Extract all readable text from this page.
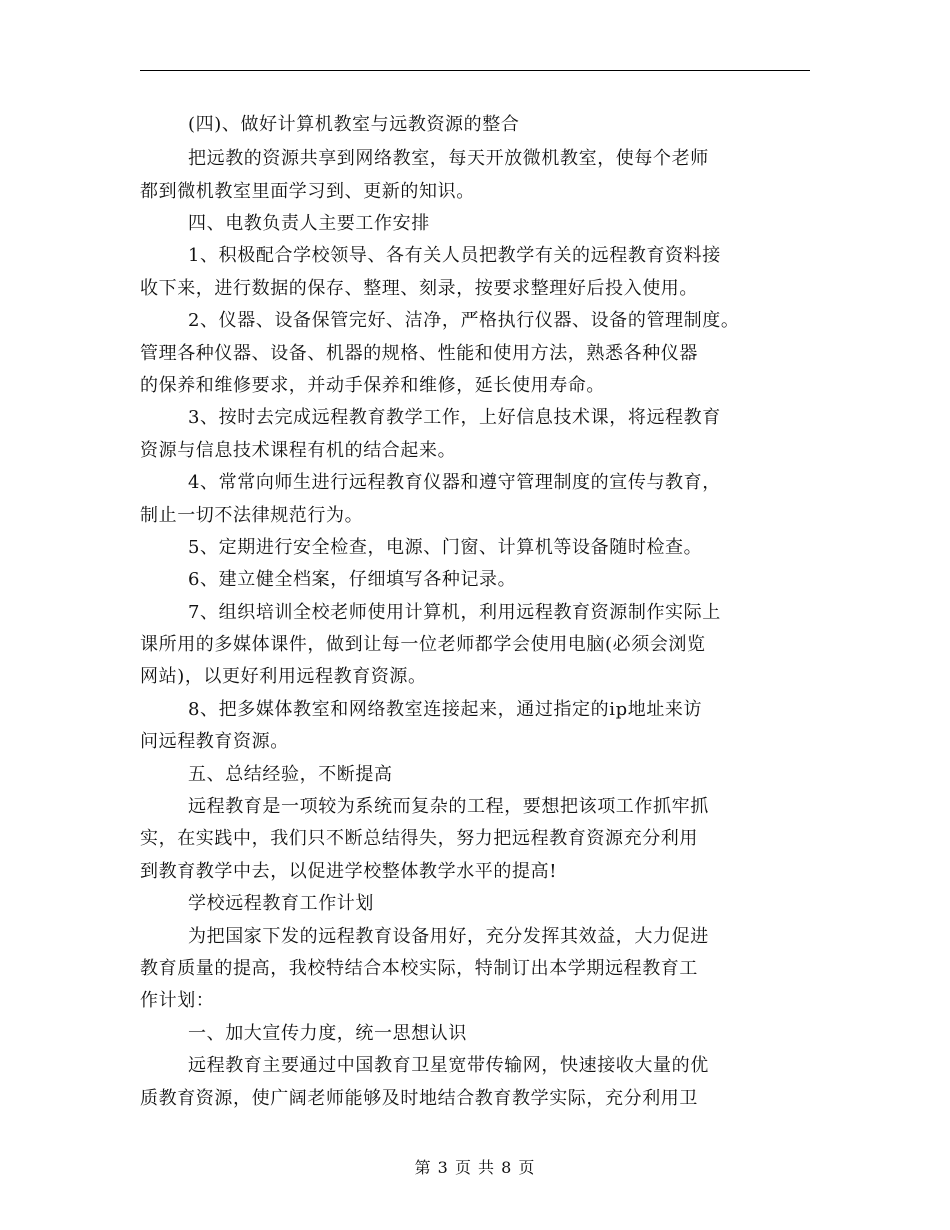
(四)、做好计算机教室与远教资源的整合
把远教的资源共享到网络教室，每天开放微机教室，使每个老师
都到微机教室里面学习到、更新的知识。
四、电教负责人主要工作安排
1、积极配合学校领导、各有关人员把教学有关的远程教育资料接
收下来，进行数据的保存、整理、刻录，按要求整理好后投入使用。
2、仪器、设备保管完好、洁净，严格执行仪器、设备的管理制度。
管理各种仪器、设备、机器的规格、性能和使用方法，熟悉各种仪器
的保养和维修要求，并动手保养和维修，延长使用寿命。
3、按时去完成远程教育教学工作，上好信息技术课，将远程教育
资源与信息技术课程有机的结合起来。
4、常常向师生进行远程教育仪器和遵守管理制度的宣传与教育，
制止一切不法律规范行为。
5、定期进行安全检查，电源、门窗、计算机等设备随时检查。
6、建立健全档案，仔细填写各种记录。
7、组织培训全校老师使用计算机，利用远程教育资源制作实际上
课所用的多媒体课件，做到让每一位老师都学会使用电脑(必须会浏览
网站)，以更好利用远程教育资源。
8、把多媒体教室和网络教室连接起来，通过指定的ip地址来访
问远程教育资源。
五、总结经验，不断提高
远程教育是一项较为系统而复杂的工程，要想把该项工作抓牢抓
实，在实践中，我们只不断总结得失，努力把远程教育资源充分利用
到教育教学中去，以促进学校整体教学水平的提高!
学校远程教育工作计划
为把国家下发的远程教育设备用好，充分发挥其效益，大力促进
教育质量的提高，我校特结合本校实际，特制订出本学期远程教育工
作计划：
一、加大宣传力度，统一思想认识
远程教育主要通过中国教育卫星宽带传输网，快速接收大量的优
质教育资源，使广阔老师能够及时地结合教育教学实际，充分利用卫
第 3 页 共 8 页
